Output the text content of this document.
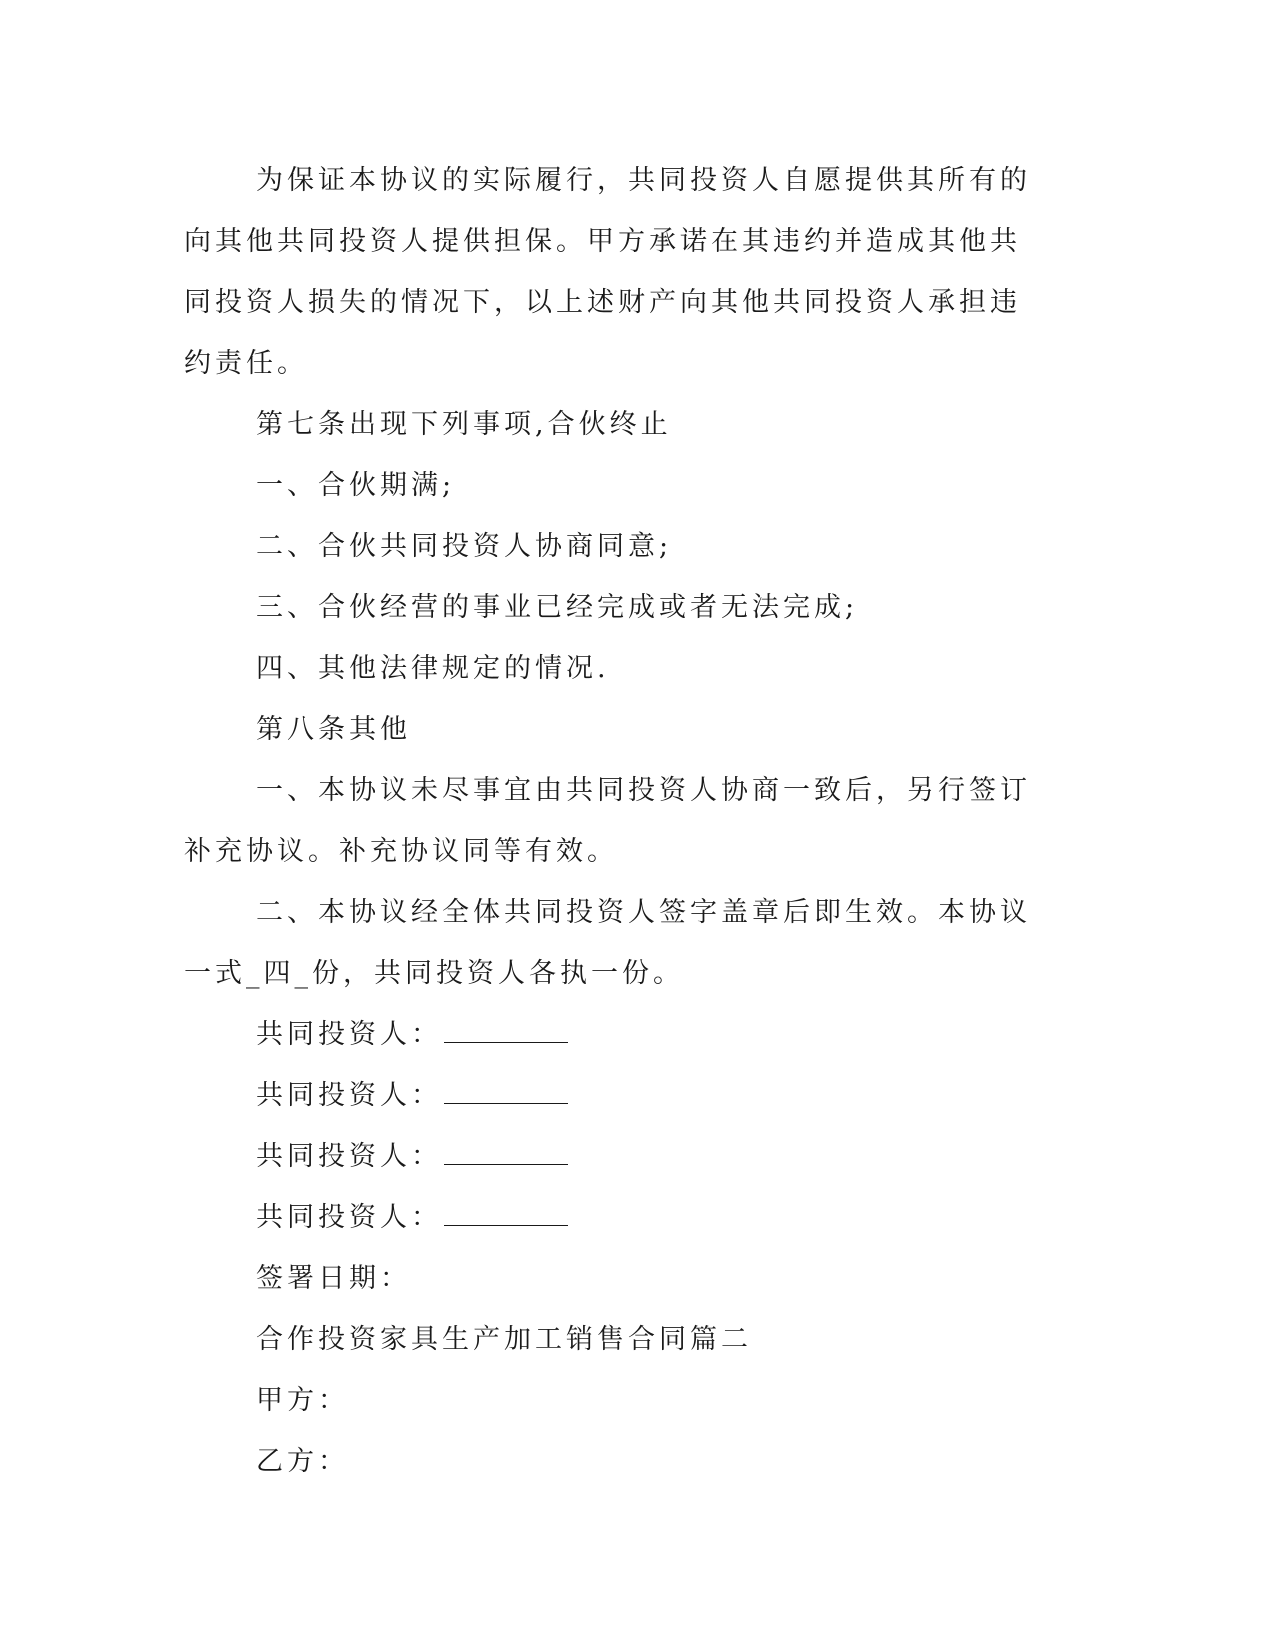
为保证本协议的实际履行，共同投资人自愿提供其所有的向其他共同投资人提供担保。甲方承诺在其违约并造成其他共同投资人损失的情况下，以上述财产向其他共同投资人承担违约责任。

第七条出现下列事项,合伙终止

一、合伙期满;

二、合伙共同投资人协商同意;

三、合伙经营的事业已经完成或者无法完成;

四、其他法律规定的情况.

第八条其他

一、本协议未尽事宜由共同投资人协商一致后，另行签订补充协议。补充协议同等有效。

二、本协议经全体共同投资人签字盖章后即生效。本协议一式_四_份，共同投资人各执一份。

共同投资人：

共同投资人：

共同投资人：

共同投资人：

签署日期：

合作投资家具生产加工销售合同篇二

甲方：

乙方：
